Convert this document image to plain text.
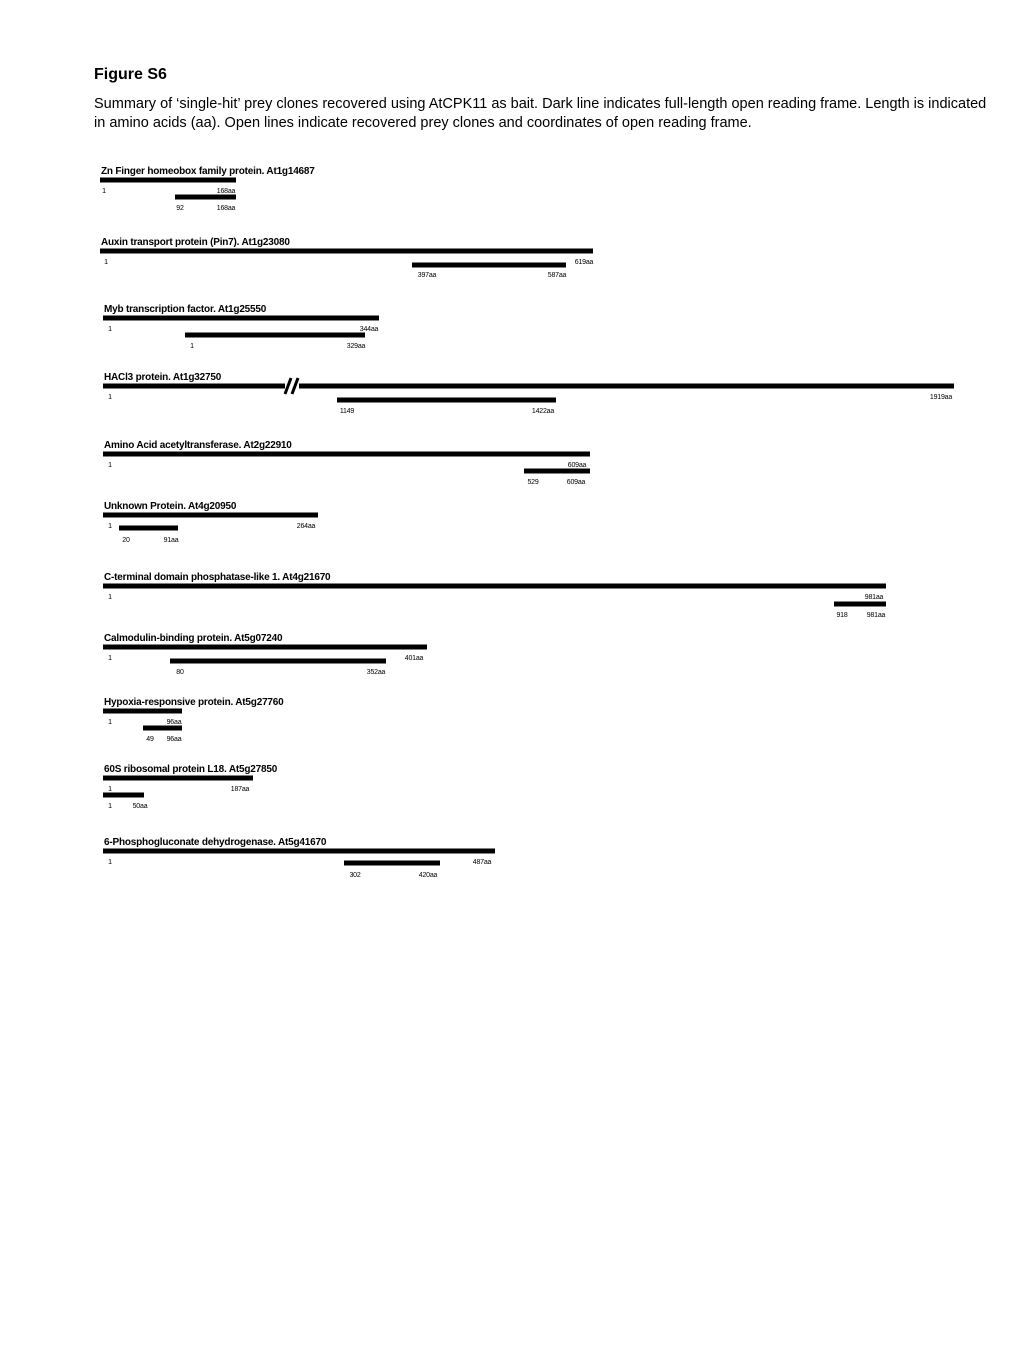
Figure S6

Summary of ‘single-hit’ prey clones recovered using AtCPK11 as bait. Dark line indicates full-length open reading frame. Length is indicated in amino acids (aa). Open lines indicate recovered prey clones and coordinates of open reading frame.

Zn Finger homeobox family protein. At1g14687
1	168aa
92	168aa
Auxin transport protein (Pin7). At1g23080
1	619aa
397aa	587aa
Myb transcription factor. At1g25550
1	344aa
1	329aa
HACl3 protein. At1g32750
1	1919aa
1149	1422aa
Amino Acid acetyltransferase. At2g22910
1	609aa
529	609aa
Unknown Protein. At4g20950
1	264aa
20	91aa
C-terminal domain phosphatase-like 1. At4g21670
1	981aa
918	981aa
Calmodulin-binding protein. At5g07240
1	401aa
80	352aa
Hypoxia-responsive protein. At5g27760
1	96aa
49 96aa
60S ribosomal protein L18. At5g27850
1	187aa
1	50aa
6-Phosphogluconate dehydrogenase. At5g41670
1	487aa
302	420aa
